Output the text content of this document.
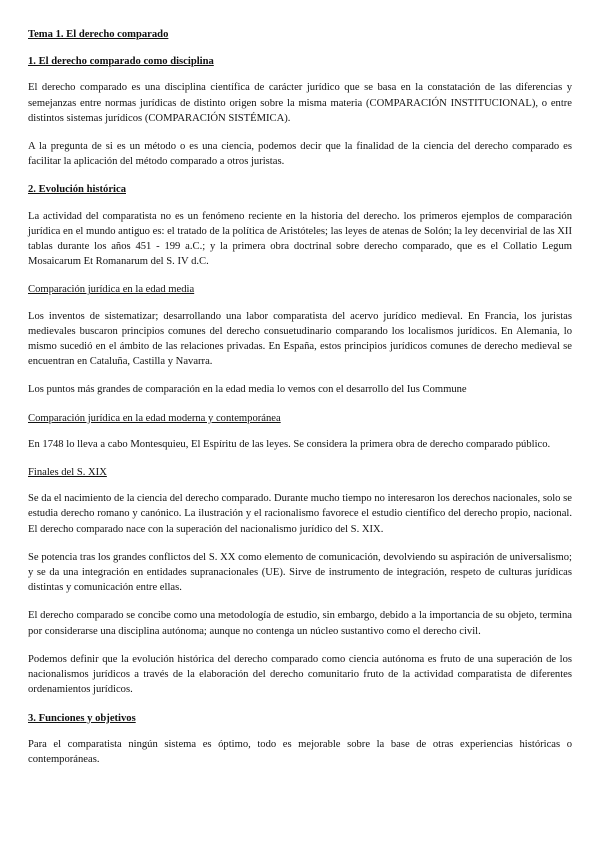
Tema 1. El derecho comparado

1. El derecho comparado como disciplina

El derecho comparado es una disciplina científica de carácter jurídico que se basa en la constatación de las diferencias y semejanzas entre normas jurídicas de distinto origen sobre la misma materia (COMPARACIÓN INSTITUCIONAL), o entre distintos sistemas jurídicos (COMPARACIÓN SISTÉMICA).

A la pregunta de si es un método o es una ciencia, podemos decir que la finalidad de la ciencia del derecho comparado es facilitar la aplicación del método comparado a otros juristas.

2. Evolución histórica

La actividad del comparatista no es un fenómeno reciente en la historia del derecho. los primeros ejemplos de comparación jurídica en el mundo antiguo es: el tratado de la política de Aristóteles; las leyes de atenas de Solón; la ley decenvirial de las XII tablas durante los años 451 - 199 a.C.; y la primera obra doctrinal sobre derecho comparado, que es el Collatio Legum Mosaicarum Et Romanarum del S. IV d.C.

Comparación jurídica en la edad media

Los inventos de sistematizar; desarrollando una labor comparatista del acervo jurídico medieval. En Francia, los juristas medievales buscaron principios comunes del derecho consuetudinario comparando los localismos jurídicos. En Alemania, lo mismo sucedió en el ámbito de las relaciones privadas. En España, estos principios jurídicos comunes de derecho medieval se encuentran en Cataluña, Castilla y Navarra.

Los puntos más grandes de comparación en la edad media lo vemos con el desarrollo del Ius Commune

Comparación jurídica en la edad moderna y contemporánea

En 1748 lo lleva a cabo Montesquieu, El Espíritu de las leyes. Se considera la primera obra de derecho comparado público.

Finales del S. XIX

Se da el nacimiento de la ciencia del derecho comparado. Durante mucho tiempo no interesaron los derechos nacionales, solo se estudia derecho romano y canónico. La ilustración y el racionalismo favorece el estudio científico del derecho propio, nacional. El derecho comparado nace con la superación del nacionalismo jurídico del S. XIX.

Se potencia tras los grandes conflictos del S. XX como elemento de comunicación, devolviendo su aspiración de universalismo; y se da una integración en entidades supranacionales (UE). Sirve de instrumento de integración, respeto de culturas jurídicas distintas y comunicación entre ellas.

El derecho comparado se concibe como una metodología de estudio, sin embargo, debido a la importancia de su objeto, termina por considerarse una disciplina autónoma; aunque no contenga un núcleo sustantivo como el derecho civil.

Podemos definir que la evolución histórica del derecho comparado como ciencia autónoma es fruto de una superación de los nacionalismos jurídicos a través de la elaboración del derecho comunitario fruto de la actividad comparatista de diferentes ordenamientos jurídicos.

3. Funciones y objetivos

Para el comparatista ningún sistema es óptimo, todo es mejorable sobre la base de otras experiencias históricas o contemporáneas.
